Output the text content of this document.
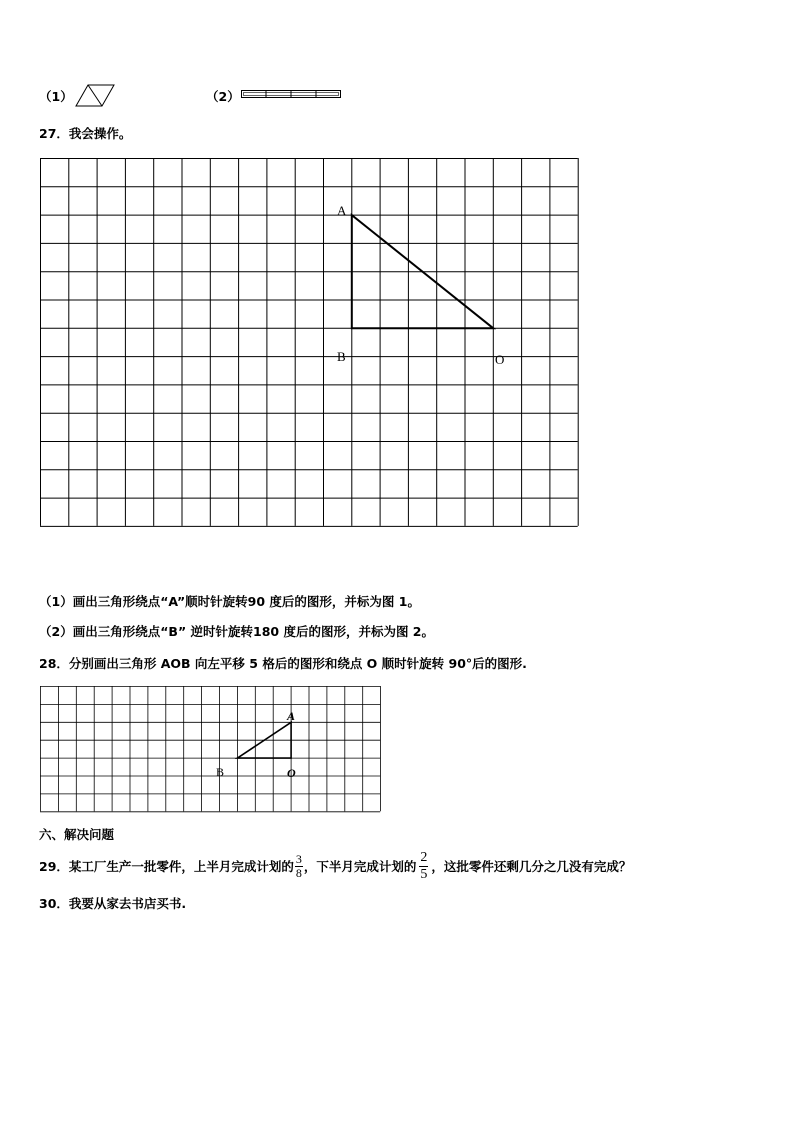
（1）	（2）
27．我会操作。
A
B	O
（1）画出三角形绕点“A”顺时针旋转90 度后的图形，并标为图 1。
（2）画出三角形绕点“B” 逆时针旋转180 度后的图形，并标为图 2。
28．分别画出三角形 AOB 向左平移 5 格后的图形和绕点 O 顺时针旋转 90°后的图形.
A
B	O
六、解决问题
29．某工厂生产一批零件，上半月完成计划的 $\frac{3}{8}$ ，下半月完成计划的 $\frac{2}{5}$ ，这批零件还剩几分之几没有完成？
30．我要从家去书店买书.
